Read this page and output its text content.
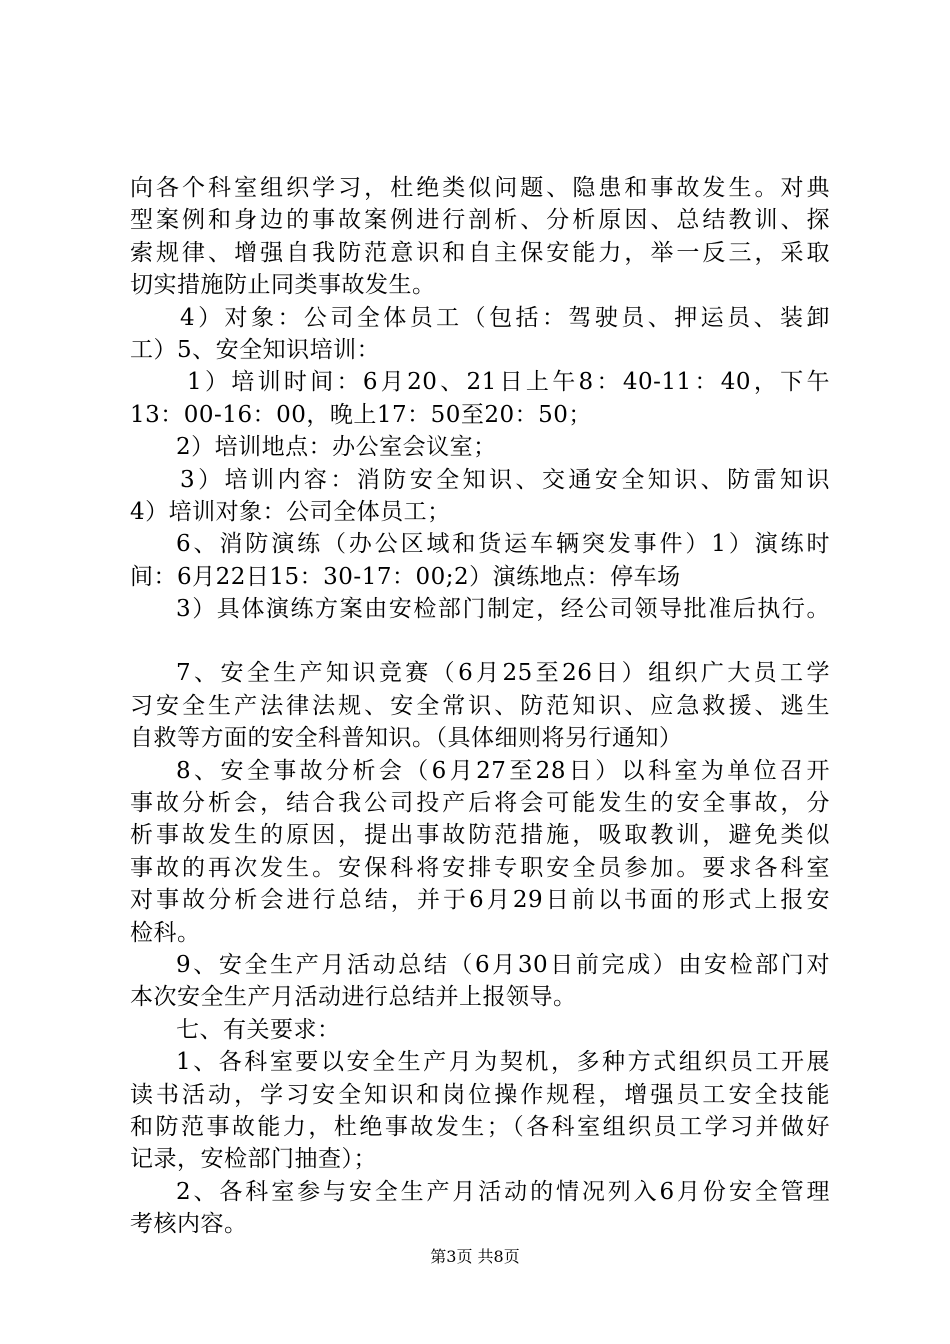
向各个科室组织学习，杜绝类似问题、隐患和事故发生。对典
型案例和身边的事故案例进行剖析、分析原因、总结教训、探
索规律、增强自我防范意识和自主保安能力，举一反三，采取
切实措施防止同类事故发生。
4）对象：公司全体员工（包括：驾驶员、押运员、装卸
工）5、安全知识培训：
1）培训时间：6月20、21日上午8：40-11：40，下午
13：00-16：00，晚上17：50至20：50；
2）培训地点：办公室会议室；
3）培训内容：消防安全知识、交通安全知识、防雷知识
4）培训对象：公司全体员工；
6、消防演练（办公区域和货运车辆突发事件）1）演练时
间：6月22日15：30-17：00;2）演练地点：停车场
3）具体演练方案由安检部门制定，经公司领导批准后执行。
7、安全生产知识竞赛（6月25至26日）组织广大员工学
习安全生产法律法规、安全常识、防范知识、应急救援、逃生
自救等方面的安全科普知识。（具体细则将另行通知）
8、安全事故分析会（6月27至28日）以科室为单位召开
事故分析会，结合我公司投产后将会可能发生的安全事故，分
析事故发生的原因，提出事故防范措施，吸取教训，避免类似
事故的再次发生。安保科将安排专职安全员参加。要求各科室
对事故分析会进行总结，并于6月29日前以书面的形式上报安
检科。
9、安全生产月活动总结（6月30日前完成）由安检部门对
本次安全生产月活动进行总结并上报领导。
七、有关要求：
1、各科室要以安全生产月为契机，多种方式组织员工开展
读书活动，学习安全知识和岗位操作规程，增强员工安全技能
和防范事故能力，杜绝事故发生；（各科室组织员工学习并做好
记录，安检部门抽查）；
2、各科室参与安全生产月活动的情况列入6月份安全管理
考核内容。
第3页 共8页
